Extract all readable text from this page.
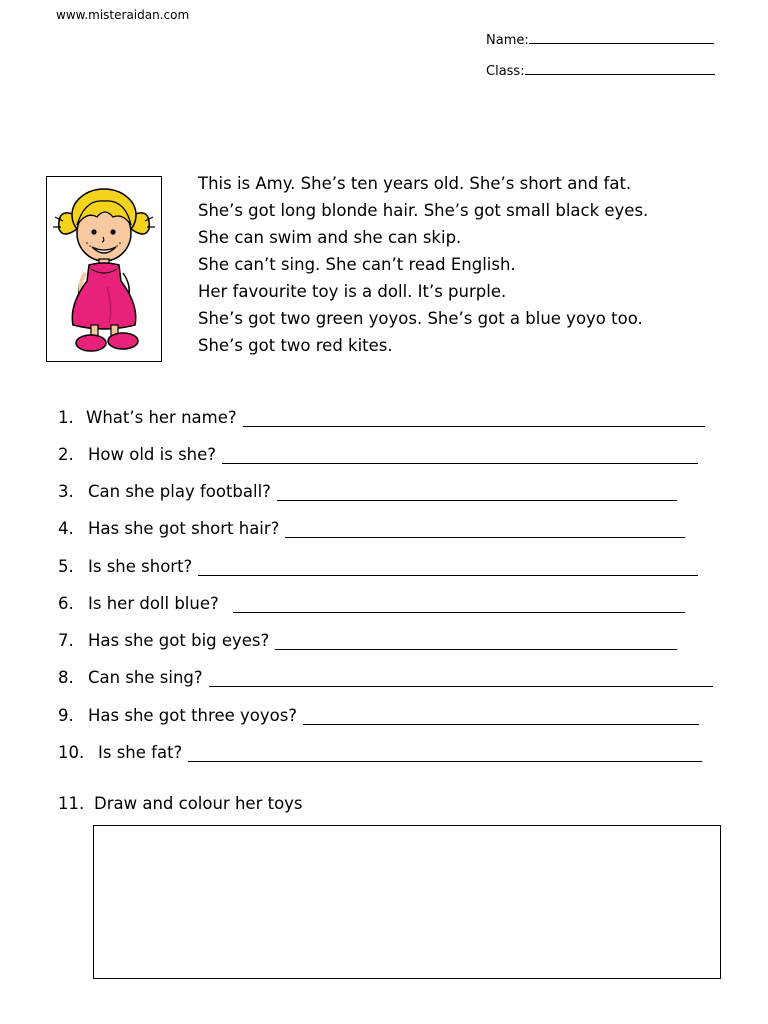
www.misteraidan.com
Name:
Class:
This is Amy. She’s ten years old. She’s short and fat.
She’s got long blonde hair. She’s got small black eyes.
She can swim and she can skip.
She can’t sing. She can’t read English.
Her favourite toy is a doll. It’s purple.
She’s got two green yoyos. She’s got a blue yoyo too.
She’s got two red kites.
1. What’s her name?
2. How old is she?
3. Can she play football?
4. Has she got short hair?
5. Is she short?
6. Is her doll blue?
7. Has she got big eyes?
8. Can she sing?
9. Has she got three yoyos?
10. Is she fat?
11. Draw and colour her toys
